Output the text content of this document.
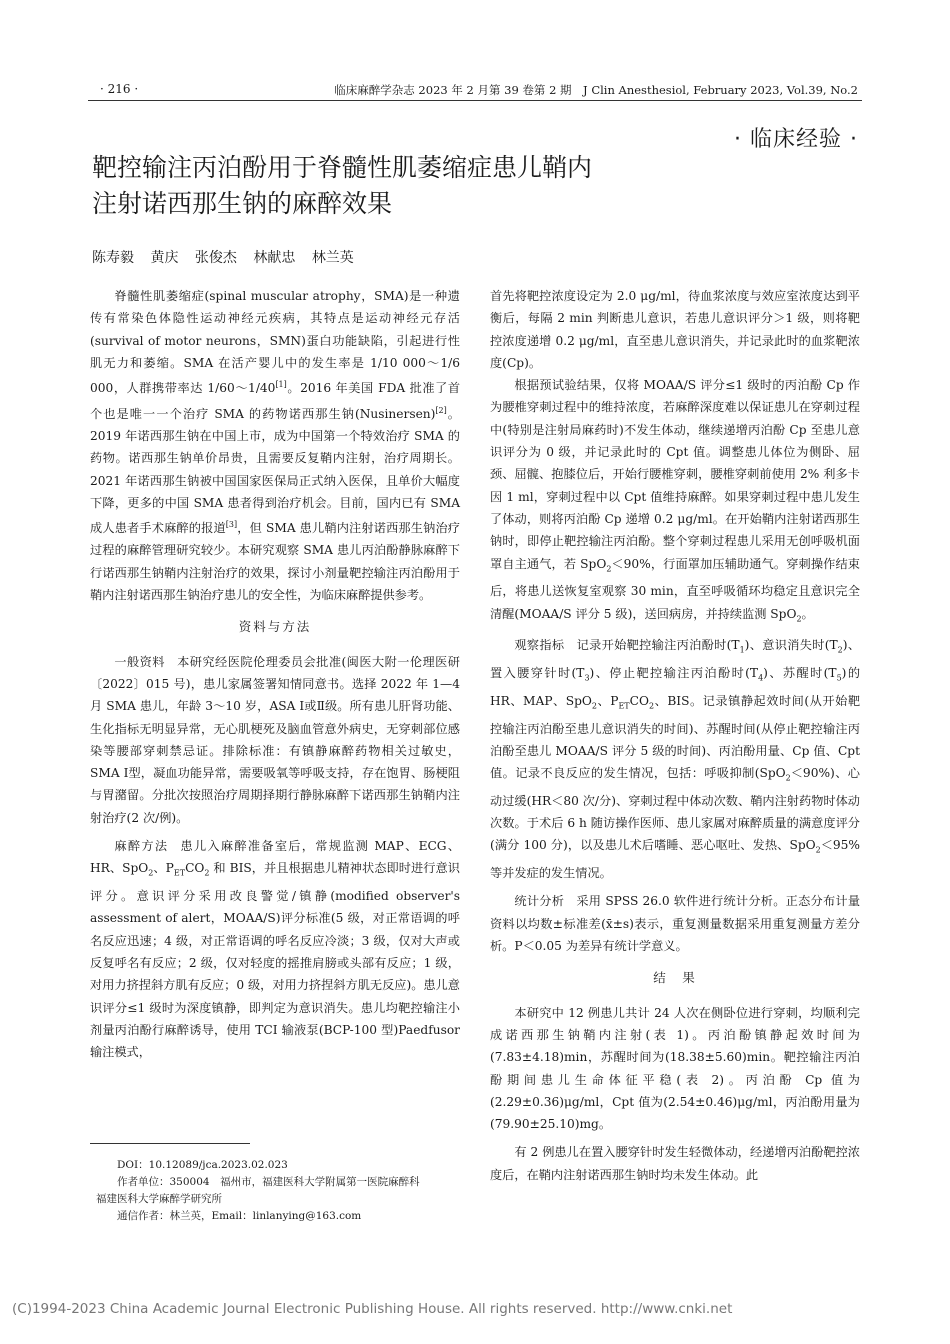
· 216 ·	临床麻醉学杂志 2023 年 2 月第 39 卷第 2 期　J Clin Anesthesiol, February 2023, Vol.39, No.2
· 临床经验 ·
靶控输注丙泊酚用于脊髓性肌萎缩症患儿鞘内
注射诺西那生钠的麻醉效果
陈寿毅 黄庆 张俊杰 林献忠 林兰英

脊髓性肌萎缩症(spinal muscular atrophy，SMA)是一种遗传有常染色体隐性运动神经元疾病，其特点是运动神经元存活(survival of motor neurons，SMN)蛋白功能缺陷，引起进行性肌无力和萎缩。SMA 在活产婴儿中的发生率是 1/10 000～1/6 000，人群携带率达 1/60～1/40[1]。2016 年美国 FDA 批准了首个也是唯一一个治疗 SMA 的药物诺西那生钠(Nusinersen)[2]。2019 年诺西那生钠在中国上市，成为中国第一个特效治疗 SMA 的药物。诺西那生钠单价昂贵，且需要反复鞘内注射，治疗周期长。2021 年诺西那生钠被中国国家医保局正式纳入医保，且单价大幅度下降，更多的中国 SMA 患者得到治疗机会。目前，国内已有 SMA 成人患者手术麻醉的报道[3]，但 SMA 患儿鞘内注射诺西那生钠治疗过程的麻醉管理研究较少。本研究观察 SMA 患儿丙泊酚静脉麻醉下行诺西那生钠鞘内注射治疗的效果，探讨小剂量靶控输注丙泊酚用于鞘内注射诺西那生钠治疗患儿的安全性，为临床麻醉提供参考。

资料与方法

一般资料 本研究经医院伦理委员会批准(闽医大附一伦理医研〔2022〕015 号)，患儿家属签署知情同意书。选择 2022 年 1—4 月 SMA 患儿，年龄 3～10 岁，ASA Ⅰ或Ⅱ级。所有患儿肝肾功能、生化指标无明显异常，无心肌梗死及脑血管意外病史，无穿刺部位感染等腰部穿刺禁忌证。排除标准：有镇静麻醉药物相关过敏史，SMA Ⅰ型，凝血功能异常，需要吸氧等呼吸支持，存在饱胃、肠梗阻与胃潴留。分批次按照治疗周期择期行静脉麻醉下诺西那生钠鞘内注射治疗(2 次/例)。

麻醉方法 患儿入麻醉准备室后，常规监测 MAP、ECG、HR、SpO$_2$、$P_{ET}CO_2$ 和 BIS，并且根据患儿精神状态即时进行意识评分。意识评分采用改良警觉/镇静(modified observer's assessment of alert，MOAA/S)评分标准(5 级，对正常语调的呼名反应迅速；4 级，对正常语调的呼名反应冷淡；3 级，仅对大声或反复呼名有反应；2 级，仅对轻度的摇推肩膀或头部有反应；1 级，对用力挤捏斜方肌有反应；0 级，对用力挤捏斜方肌无反应)。患儿意识评分≤1 级时为深度镇静，即判定为意识消失。患儿均靶控输注小剂量丙泊酚行麻醉诱导，使用 TCI 输液泵(BCP-100 型)Paedfusor 输注模式，

DOI：10.12089/jca.2023.02.023
作者单位：350004　福州市，福建医科大学附属第一医院麻醉科
福建医科大学麻醉学研究所
通信作者：林兰英，Email：linlanying@163.com

首先将靶控浓度设定为 2.0 μg/ml，待血浆浓度与效应室浓度达到平衡后，每隔 2 min 判断患儿意识，若患儿意识评分＞1 级，则将靶控浓度递增 0.2 μg/ml，直至患儿意识消失，并记录此时的血浆靶浓度(Cp)。

根据预试验结果，仅将 MOAA/S 评分≤1 级时的丙泊酚 Cp 作为腰椎穿刺过程中的维持浓度，若麻醉深度难以保证患儿在穿刺过程中(特别是注射局麻药时)不发生体动，继续递增丙泊酚 Cp 至患儿意识评分为 0 级，并记录此时的 Cpt 值。调整患儿体位为侧卧、屈颈、屈髋、抱膝位后，开始行腰椎穿刺，腰椎穿刺前使用 2% 利多卡因 1 ml，穿刺过程中以 Cpt 值维持麻醉。如果穿刺过程中患儿发生了体动，则将丙泊酚 Cp 递增 0.2 μg/ml。在开始鞘内注射诺西那生钠时，即停止靶控输注丙泊酚。整个穿刺过程患儿采用无创呼吸机面罩自主通气，若 SpO$_2$＜90%，行面罩加压辅助通气。穿刺操作结束后，将患儿送恢复室观察 30 min，直至呼吸循环均稳定且意识完全清醒(MOAA/S 评分 5 级)，送回病房，并持续监测 SpO$_2$。

观察指标 记录开始靶控输注丙泊酚时$(T_1)$、意识消失时$(T_2)$、置入腰穿针时$(T_3)$、停止靶控输注丙泊酚时$(T_4)$、苏醒时$(T_5)$的 HR、MAP、SpO$_2$、$P_{ET}CO_2$、BIS。记录镇静起效时间(从开始靶控输注丙泊酚至患儿意识消失的时间)、苏醒时间(从停止靶控输注丙泊酚至患儿 MOAA/S 评分 5 级的时间)、丙泊酚用量、Cp 值、Cpt 值。记录不良反应的发生情况，包括：呼吸抑制(SpO$_2$＜90%)、心动过缓(HR＜80 次/分)、穿刺过程中体动次数、鞘内注射药物时体动次数。于术后 6 h 随访操作医师、患儿家属对麻醉质量的满意度评分(满分 100 分)，以及患儿术后嗜睡、恶心呕吐、发热、SpO$_2$＜95%等并发症的发生情况。

统计分析 采用 SPSS 26.0 软件进行统计分析。正态分布计量资料以均数±标准差(x̄±s)表示，重复测量数据采用重复测量方差分析。P＜0.05 为差异有统计学意义。

结　果

本研究中 12 例患儿共计 24 人次在侧卧位进行穿刺，均顺利完成诺西那生钠鞘内注射(表 1)。丙泊酚镇静起效时间为(7.83±4.18)min，苏醒时间为(18.38±5.60)min。靶控输注丙泊酚期间患儿生命体征平稳(表 2)。丙泊酚 Cp 值为(2.29±0.36)μg/ml，Cpt 值为(2.54±0.46)μg/ml，丙泊酚用量为(79.90±25.10)mg。

有 2 例患儿在置入腰穿针时发生轻微体动，经递增丙泊酚靶控浓度后，在鞘内注射诺西那生钠时均未发生体动。此

(C)1994-2023 China Academic Journal Electronic Publishing House. All rights reserved. http://www.cnki.net
